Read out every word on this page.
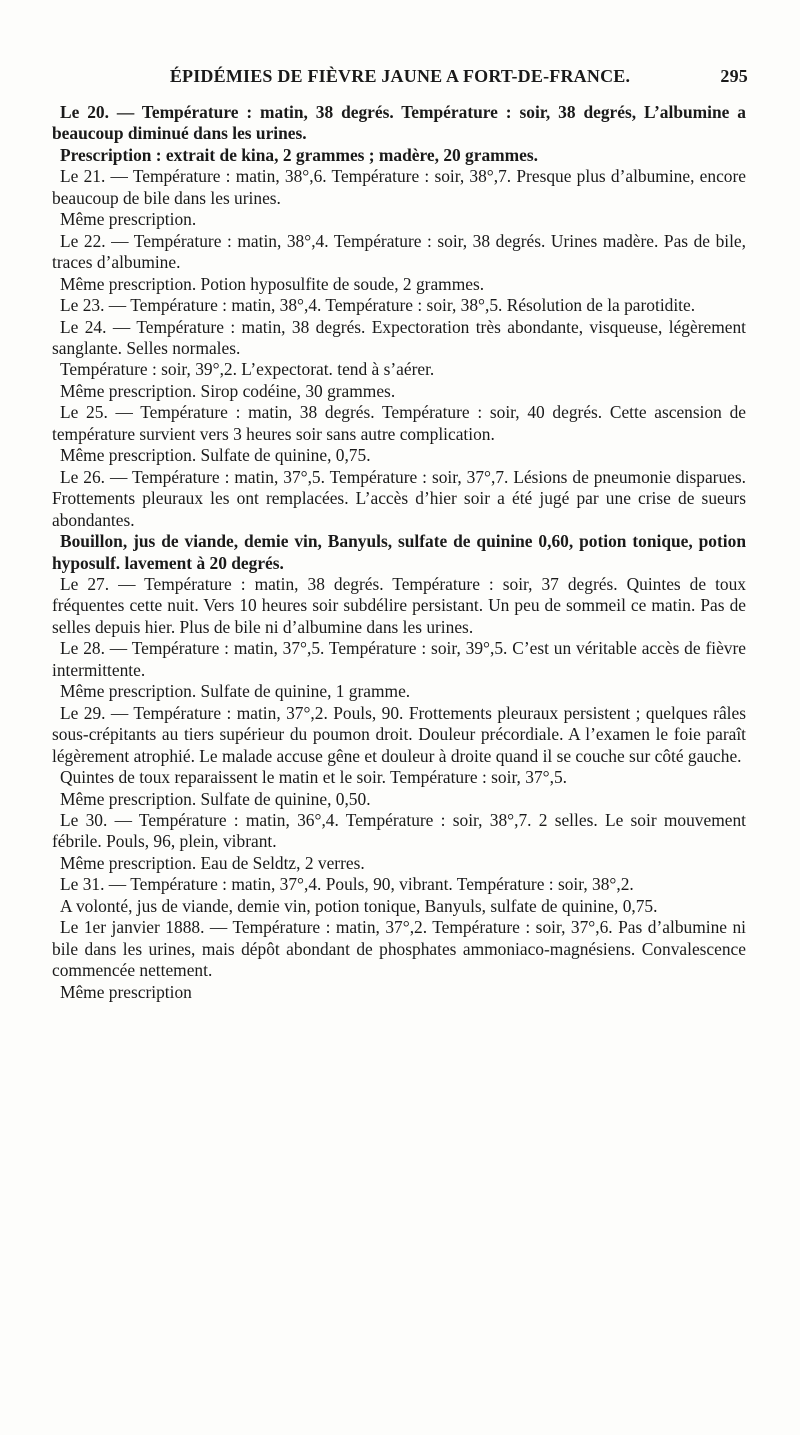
ÉPIDÉMIES DE FIÈVRE JAUNE A FORT-DE-FRANCE.	295

Le 20. — Température : matin, 38 degrés. Température : soir, 38 degrés, L’albumine a beaucoup diminué dans les urines.

Prescription : extrait de kina, 2 grammes ; madère, 20 grammes.

Le 21. — Température : matin, 38°,6. Température : soir, 38°,7. Presque plus d’albumine, encore beaucoup de bile dans les urines.

Même prescription.

Le 22. — Température : matin, 38°,4. Température : soir, 38 degrés. Urines madère. Pas de bile, traces d’albumine.

Même prescription. Potion hyposulfite de soude, 2 grammes.

Le 23. — Température : matin, 38°,4. Température : soir, 38°,5. Résolution de la parotidite.

Le 24. — Température : matin, 38 degrés. Expectoration très abondante, visqueuse, légèrement sanglante. Selles normales.

Température : soir, 39°,2. L’expectorat. tend à s’aérer.

Même prescription. Sirop codéine, 30 grammes.

Le 25. — Température : matin, 38 degrés. Température : soir, 40 degrés. Cette ascension de température survient vers 3 heures soir sans autre complication.

Même prescription. Sulfate de quinine, 0,75.

Le 26. — Température : matin, 37°,5. Température : soir, 37°,7. Lésions de pneumonie disparues. Frottements pleuraux les ont remplacées. L’accès d’hier soir a été jugé par une crise de sueurs abondantes.

Bouillon, jus de viande, demie vin, Banyuls, sulfate de quinine 0,60, potion tonique, potion hyposulf. lavement à 20 degrés.

Le 27. — Température : matin, 38 degrés. Température : soir, 37 degrés. Quintes de toux fréquentes cette nuit. Vers 10 heures soir subdélire persistant. Un peu de sommeil ce matin. Pas de selles depuis hier. Plus de bile ni d’albumine dans les urines.

Le 28. — Température : matin, 37°,5. Température : soir, 39°,5. C’est un véritable accès de fièvre intermittente.

Même prescription. Sulfate de quinine, 1 gramme.

Le 29. — Température : matin, 37°,2. Pouls, 90. Frottements pleuraux persistent ; quelques râles sous-crépitants au tiers supérieur du poumon droit. Douleur précordiale. A l’examen le foie paraît légèrement atrophié. Le malade accuse gêne et douleur à droite quand il se couche sur côté gauche.

Quintes de toux reparaissent le matin et le soir. Température : soir, 37°,5.

Même prescription. Sulfate de quinine, 0,50.

Le 30. — Température : matin, 36°,4. Température : soir, 38°,7. 2 selles. Le soir mouvement fébrile. Pouls, 96, plein, vibrant.

Même prescription. Eau de Seldtz, 2 verres.

Le 31. — Température : matin, 37°,4. Pouls, 90, vibrant. Température : soir, 38°,2.

A volonté, jus de viande, demie vin, potion tonique, Banyuls, sulfate de quinine, 0,75.

Le 1er janvier 1888. — Température : matin, 37°,2. Température : soir, 37°,6. Pas d’albumine ni bile dans les urines, mais dépôt abondant de phosphates ammoniaco-magnésiens. Convalescence commencée nettement.

Même prescription
